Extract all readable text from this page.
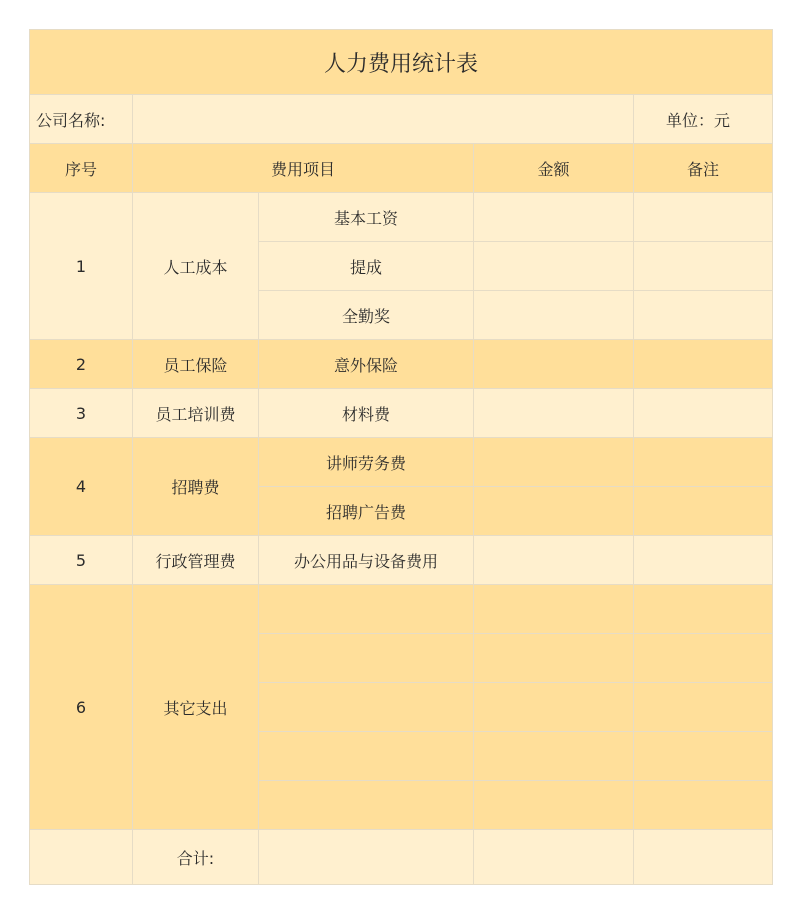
人力费用统计表				
公司名称:				单位：元
序号	费用项目		金额	备注
1	人工成本	基本工资		
		提成		
		全勤奖		
2	员工保险	意外保险		
3	员工培训费	材料费		
4	招聘费	讲师劳务费		
		招聘广告费		
5	行政管理费	办公用品与设备费用		
6	其它支出			

	合计:			
